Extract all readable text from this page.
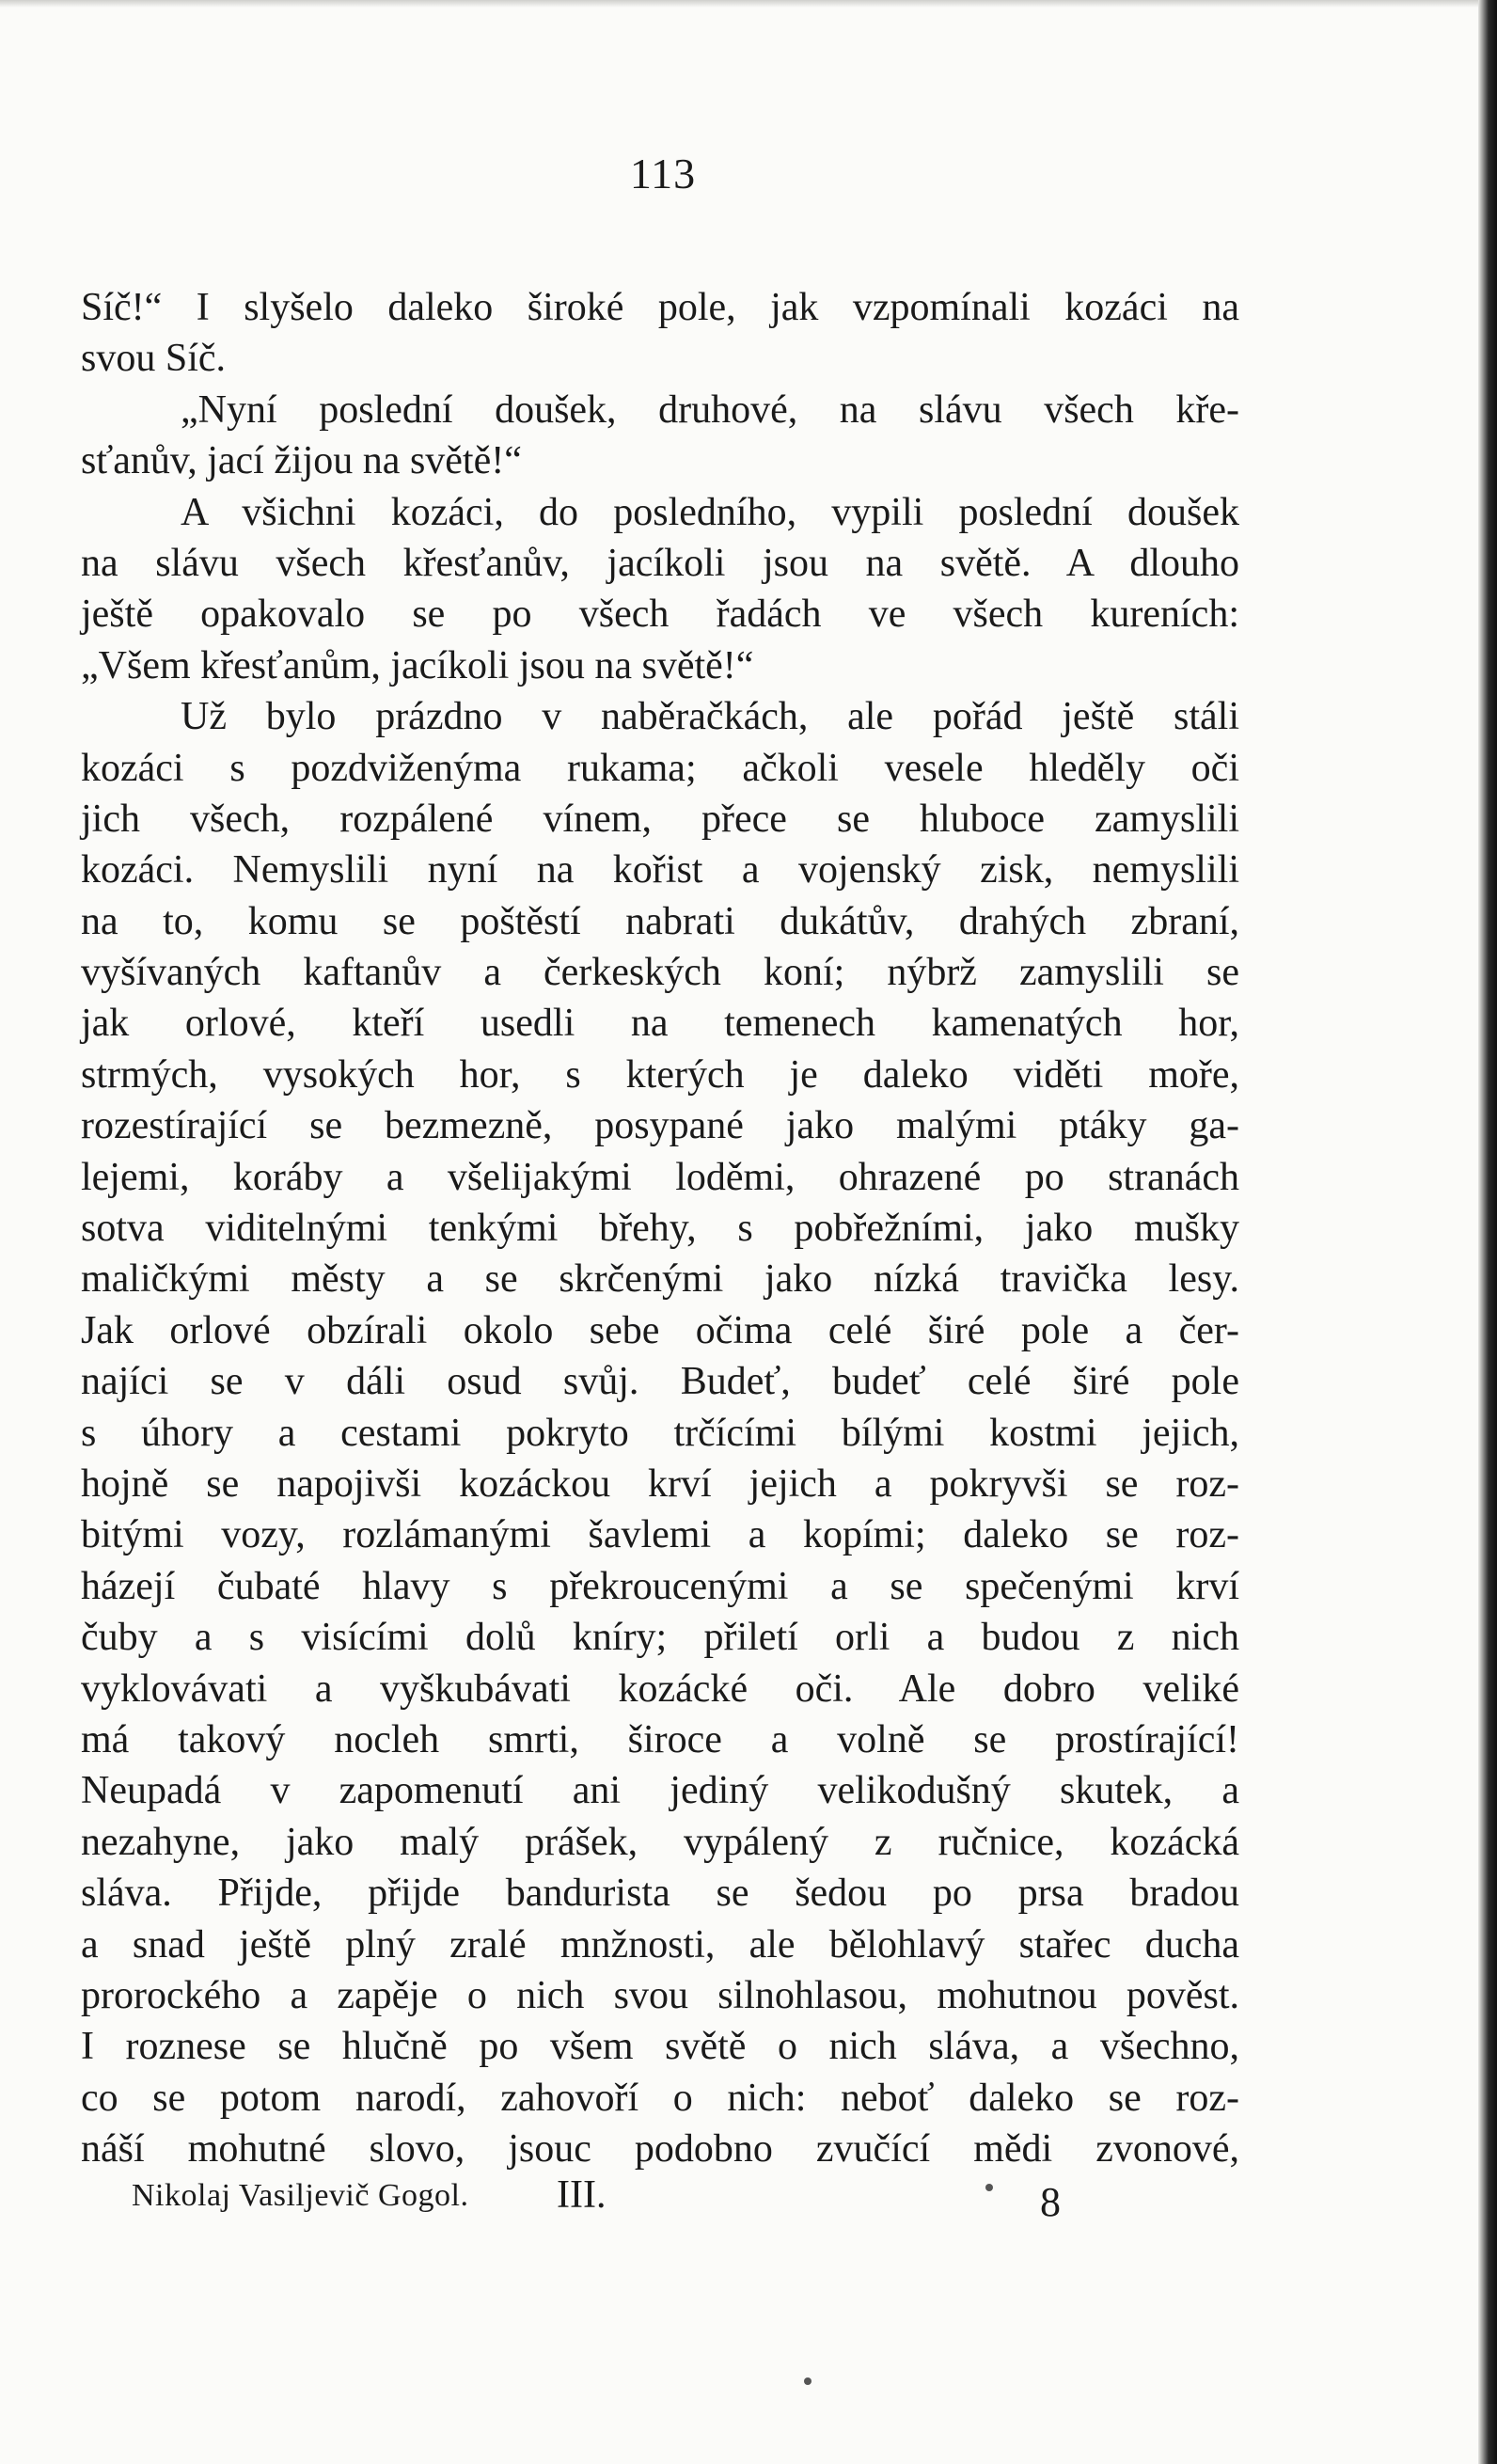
113
Síč!“ I slyšelo daleko široké pole, jak vzpomínali kozáci na
svou Síč.
„Nyní poslední doušek, druhové, na slávu všech kře-
sťanův, jací žijou na světě!“
A všichni kozáci, do posledního, vypili poslední doušek
na slávu všech křesťanův, jacíkoli jsou na světě. A dlouho
ještě opakovalo se po všech řadách ve všech kureních:
„Všem křesťanům, jacíkoli jsou na světě!“
Už bylo prázdno v naběračkách, ale pořád ještě stáli
kozáci s pozdviženýma rukama; ačkoli vesele hleděly oči
jich všech, rozpálené vínem, přece se hluboce zamyslili
kozáci. Nemyslili nyní na kořist a vojenský zisk, nemyslili
na to, komu se poštěstí nabrati dukátův, drahých zbraní,
vyšívaných kaftanův a čerkeských koní; nýbrž zamyslili se
jak orlové, kteří usedli na temenech kamenatých hor,
strmých, vysokých hor, s kterých je daleko viděti moře,
rozestírající se bezmezně, posypané jako malými ptáky ga-
lejemi, koráby a všelijakými loděmi, ohrazené po stranách
sotva viditelnými tenkými břehy, s pobřežními, jako mušky
maličkými městy a se skrčenými jako nízká travička lesy.
Jak orlové obzírali okolo sebe očima celé širé pole a čer-
najíci se v dáli osud svůj. Budeť, budeť celé širé pole
s úhory a cestami pokryto trčícími bílými kostmi jejich,
hojně se napojivši kozáckou krví jejich a pokryvši se roz-
bitými vozy, rozlámanými šavlemi a kopími; daleko se roz-
házejí čubaté hlavy s překroucenými a se spečenými krví
čuby a s visícími dolů kníry; přiletí orli a budou z nich
vyklovávati a vyškubávati kozácké oči. Ale dobro veliké
má takový nocleh smrti, široce a volně se prostírající!
Neupadá v zapomenutí ani jediný velikodušný skutek, a
nezahyne, jako malý prášek, vypálený z ručnice, kozácká
sláva. Přijde, přijde bandurista se šedou po prsa bradou
a snad ještě plný zralé mnžnosti, ale bělohlavý stařec ducha
prorockého a zapěje o nich svou silnohlasou, mohutnou pověst.
I roznese se hlučně po všem světě o nich sláva, a všechno,
co se potom narodí, zahovoří o nich: neboť daleko se roz-
náší mohutné slovo, jsouc podobno zvučící mědi zvonové,
Nikolaj Vasiljevič Gogol. III.	8
